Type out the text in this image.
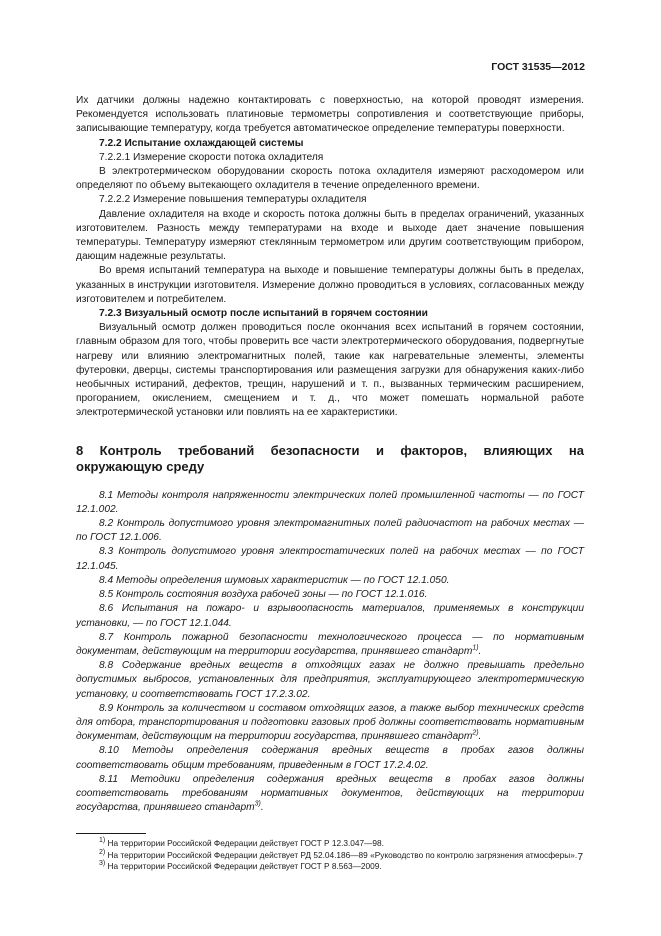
ГОСТ 31535—2012

Их датчики должны надежно контактировать с поверхностью, на которой проводят измерения. Рекомендуется использовать платиновые термометры сопротивления и соответствующие приборы, записывающие температуру, когда требуется автоматическое определение температуры поверхности.

7.2.2 Испытание охлаждающей системы

7.2.2.1 Измерение скорости потока охладителя

В электротермическом оборудовании скорость потока охладителя измеряют расходомером или определяют по объему вытекающего охладителя в течение определенного времени.

7.2.2.2 Измерение повышения температуры охладителя

Давление охладителя на входе и скорость потока должны быть в пределах ограничений, указанных изготовителем. Разность между температурами на входе и выходе дает значение повышения температуры. Температуру измеряют стеклянным термометром или другим соответствующим прибором, дающим надежные результаты.

Во время испытаний температура на выходе и повышение температуры должны быть в пределах, указанных в инструкции изготовителя. Измерение должно проводиться в условиях, согласованных между изготовителем и потребителем.

7.2.3 Визуальный осмотр после испытаний в горячем состоянии

Визуальный осмотр должен проводиться после окончания всех испытаний в горячем состоянии, главным образом для того, чтобы проверить все части электротермического оборудования, подвергнутые нагреву или влиянию электромагнитных полей, такие как нагревательные элементы, элементы футеровки, дверцы, системы транспортирования или размещения загрузки для обнаружения каких-либо необычных истираний, дефектов, трещин, нарушений и т. п., вызванных термическим расширением, прогоранием, окислением, смещением и т. д., что может помешать нормальной работе электротермической установки или повлиять на ее характеристики.

8 Контроль требований безопасности и факторов, влияющих на окружающую среду

8.1 Методы контроля напряженности электрических полей промышленной частоты — по ГОСТ 12.1.002.

8.2 Контроль допустимого уровня электромагнитных полей радиочастот на рабочих местах — по ГОСТ 12.1.006.

8.3 Контроль допустимого уровня электростатических полей на рабочих местах — по ГОСТ 12.1.045.

8.4 Методы определения шумовых характеристик — по ГОСТ 12.1.050.

8.5 Контроль состояния воздуха рабочей зоны — по ГОСТ 12.1.016.

8.6 Испытания на пожаро- и взрывоопасность материалов, применяемых в конструкции установки, — по ГОСТ 12.1.044.

8.7 Контроль пожарной безопасности технологического процесса — по нормативным документам, действующим на территории государства, принявшего стандарт$^{1)}$.

8.8 Содержание вредных веществ в отходящих газах не должно превышать предельно допустимых выбросов, установленных для предприятия, эксплуатирующего электротермическую установку, и соответствовать ГОСТ 17.2.3.02.

8.9 Контроль за количеством и составом отходящих газов, а также выбор технических средств для отбора, транспортирования и подготовки газовых проб должны соответствовать нормативным документам, действующим на территории государства, принявшего стандарт$^{2)}$.

8.10 Методы определения содержания вредных веществ в пробах газов должны соответствовать общим требованиям, приведенным в ГОСТ 17.2.4.02.

8.11 Методики определения содержания вредных веществ в пробах газов должны соответствовать требованиям нормативных документов, действующих на территории государства, принявшего стандарт$^{3)}$.

$^{1)}$ На территории Российской Федерации действует ГОСТ Р 12.3.047—98.

$^{2)}$ На территории Российской Федерации действует РД 52.04.186—89 «Руководство по контролю загрязнения атмосферы».

$^{3)}$ На территории Российской Федерации действует ГОСТ Р 8.563—2009.

7
